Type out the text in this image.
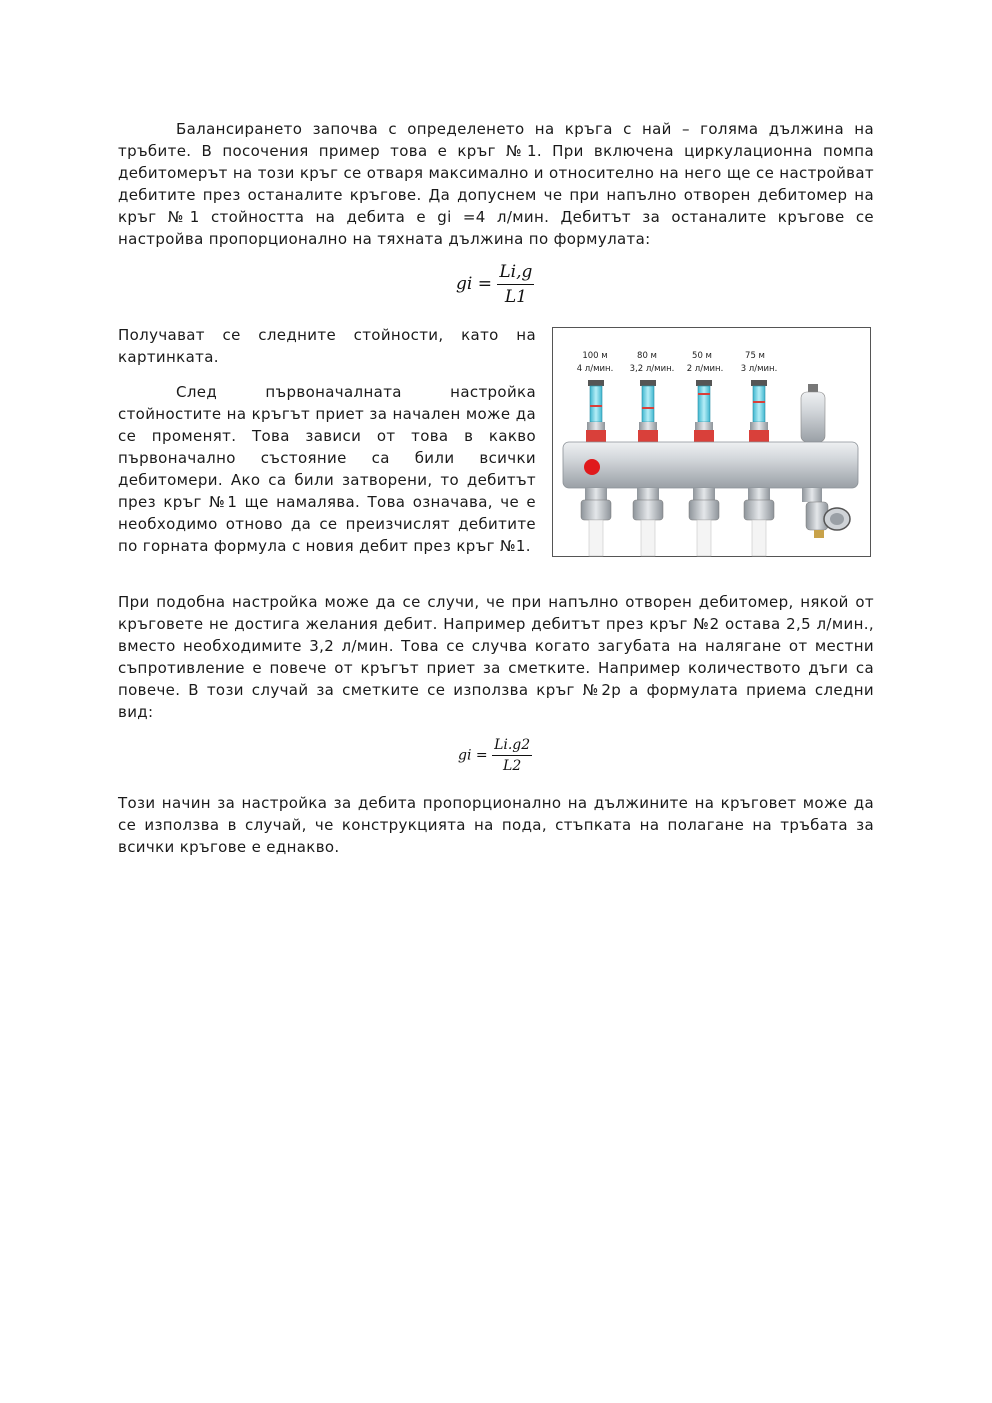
Балансирането започва с определенето на кръга с най – голяма дължина на тръбите. В посочения пример това е кръг №1. При включена циркулационна помпа дебитомерът на този кръг се отваря максимално и относително на него ще се настройват дебитите през останалите кръгове. Да допуснем че при напълно отворен дебитомер на кръг №1 стойността на дебита е gi =4 л/мин. Дебитът за останалите кръгове се настройва пропорционално на тяхната дължина по формулата:

gi = $\frac{Li,g}{L1}$

Получават се следните стойности, като на картинката.

След първоначалната настройка стойностите на кръгът приет за начален може да се променят. Това зависи от това в какво първоначално състояние са били всички дебитомери. Ако са били затворени, то дебитът през кръг №1 ще намалява. Това означава, че е необходимо отново да се преизчислят дебитите по горната формула с новия дебит през кръг №1.

100 м
4 л/мин.
80 м
3,2 л/мин.
50 м
2 л/мин.
75 м
3 л/мин.

При подобна настройка може да се случи, че при напълно отворен дебитомер, някой от кръговете не достига желания дебит. Например дебитът през кръг №2 остава 2,5 л/мин., вместо необходимите 3,2 л/мин. Това се случва когато загубата на налягане от местни съпротивление е повече от кръгът приет за сметките. Например количеството дъги са повече. В този случай за сметките се използва кръг №2р а формулата приема следни вид:

gi = $\frac{Li.g2}{L2}$

Този начин за настройка за дебита пропорционално на дължините на кръговет може да се използва в случай, че конструкцията на пода, стъпката на полагане на тръбата за всички кръгове е еднакво.
